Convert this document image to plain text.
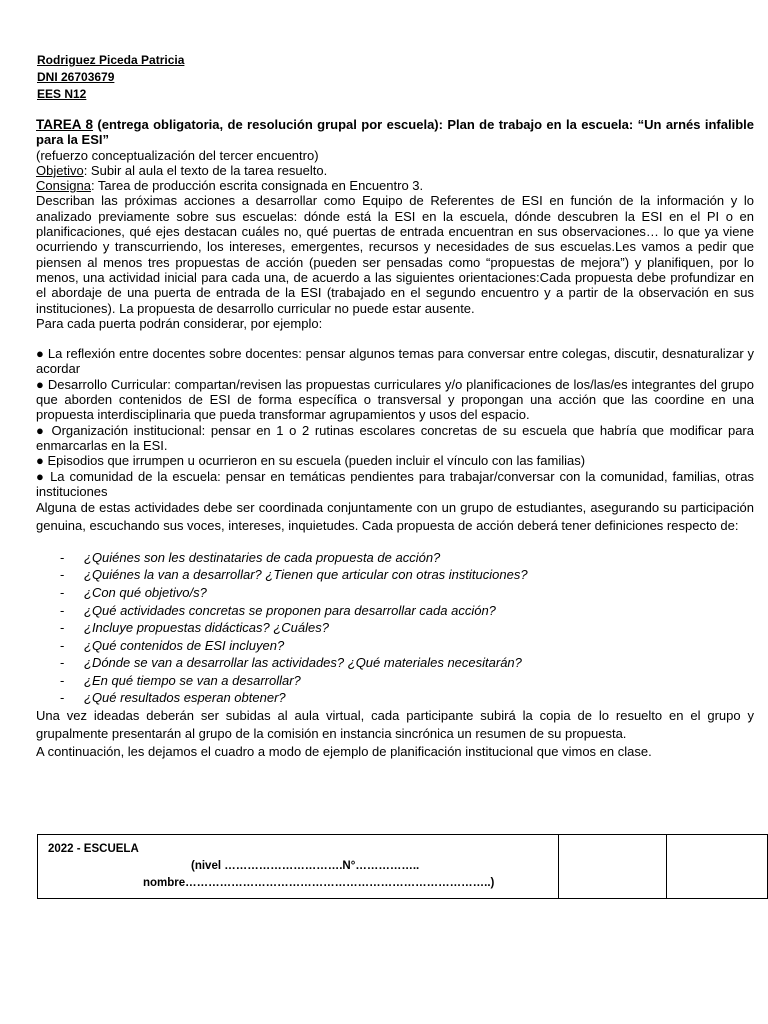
Rodriguez Piceda Patricia
DNI 26703679
EES N12

TAREA 8 (entrega obligatoria, de resolución grupal por escuela): Plan de trabajo en la escuela: “Un arnés infalible para la ESI”

(refuerzo conceptualización del tercer encuentro)

Objetivo: Subir al aula el texto de la tarea resuelto.

Consigna: Tarea de producción escrita consignada en Encuentro 3.

Describan las próximas acciones a desarrollar como Equipo de Referentes de ESI en función de la información y lo analizado previamente sobre sus escuelas: dónde está la ESI en la escuela, dónde descubren la ESI en el PI o en planificaciones, qué ejes destacan cuáles no, qué puertas de entrada encuentran en sus observaciones… lo que ya viene ocurriendo y transcurriendo, los intereses, emergentes, recursos y necesidades de sus escuelas.Les vamos a pedir que piensen al menos tres propuestas de acción (pueden ser pensadas como “propuestas de mejora”) y planifiquen, por lo menos, una actividad inicial para cada una, de acuerdo a las siguientes orientaciones:Cada propuesta debe profundizar en el abordaje de una puerta de entrada de la ESI (trabajado en el segundo encuentro y a partir de la observación en sus instituciones). La propuesta de desarrollo curricular no puede estar ausente.

Para cada puerta podrán considerar, por ejemplo:

● La reflexión entre docentes sobre docentes: pensar algunos temas para conversar entre colegas, discutir, desnaturalizar y acordar

● Desarrollo Curricular: compartan/revisen las propuestas curriculares y/o planificaciones de los/las/es integrantes del grupo que aborden contenidos de ESI de forma específica o transversal y propongan una acción que las coordine en una propuesta interdisciplinaria que pueda transformar agrupamientos y usos del espacio.

● Organización institucional: pensar en 1 o 2 rutinas escolares concretas de su escuela que habría que modificar para enmarcarlas en la ESI.

● Episodios que irrumpen u ocurrieron en su escuela (pueden incluir el vínculo con las familias)

● La comunidad de la escuela: pensar en temáticas pendientes para trabajar/conversar con la comunidad, familias, otras instituciones

Alguna de estas actividades debe ser coordinada conjuntamente con un grupo de estudiantes, asegurando su participación genuina, escuchando sus voces, intereses, inquietudes. Cada propuesta de acción deberá tener definiciones respecto de:

- ¿Quiénes son les destinataries de cada propuesta de acción?
- ¿Quiénes la van a desarrollar? ¿Tienen que articular con otras instituciones?
- ¿Con qué objetivo/s?
- ¿Qué actividades concretas se proponen para desarrollar cada acción?
- ¿Incluye propuestas didácticas? ¿Cuáles?
- ¿Qué contenidos de ESI incluyen?
- ¿Dónde se van a desarrollar las actividades? ¿Qué materiales necesitarán?
- ¿En qué tiempo se van a desarrollar?
- ¿Qué resultados esperan obtener?

Una vez ideadas deberán ser subidas al aula virtual, cada participante subirá la copia de lo resuelto en el grupo y grupalmente presentarán al grupo de la comisión en instancia sincrónica un resumen de su propuesta.

A continuación, les dejamos el cuadro a modo de ejemplo de planificación institucional que vimos en clase.

2022 - ESCUELA
(nivel ………………………….N°……………..
nombre……………………………………………………………………..)
